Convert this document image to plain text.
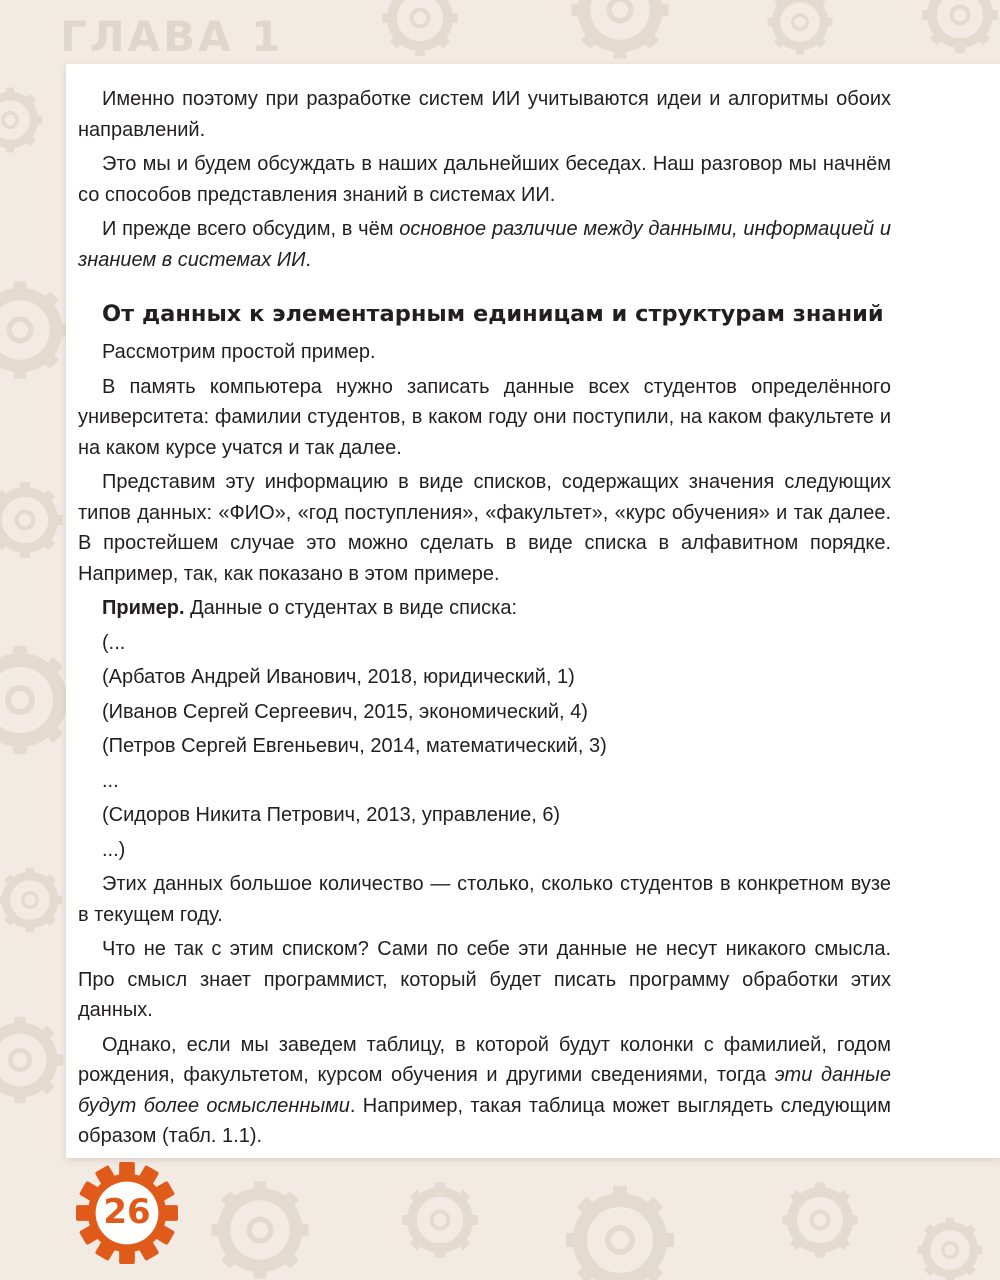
ГЛАВА 1

Именно поэтому при разработке систем ИИ учитываются идеи и алгоритмы обоих направлений.

Это мы и будем обсуждать в наших дальнейших беседах. Наш разговор мы начнём со способов представления знаний в системах ИИ.

И прежде всего обсудим, в чём основное различие между данными, информацией и знанием в системах ИИ.

От данных к элементарным единицам и структурам знаний

Рассмотрим простой пример.

В память компьютера нужно записать данные всех студентов определённого университета: фамилии студентов, в каком году они поступили, на каком факультете и на каком курсе учатся и так далее.

Представим эту информацию в виде списков, содержащих значения следующих типов данных: «ФИО», «год поступления», «факультет», «курс обучения» и так далее. В простейшем случае это можно сделать в виде списка в алфавитном порядке. Например, так, как показано в этом примере.

Пример. Данные о студентах в виде списка:

(...

(Арбатов Андрей Иванович, 2018, юридический, 1)

(Иванов Сергей Сергеевич, 2015, экономический, 4)

(Петров Сергей Евгеньевич, 2014, математический, 3)

...

(Сидоров Никита Петрович, 2013, управление, 6)

...)

Этих данных большое количество — столько, сколько студентов в конкретном вузе в текущем году.

Что не так с этим списком? Сами по себе эти данные не несут никакого смысла. Про смысл знает программист, который будет писать программу обработки этих данных.

Однако, если мы заведем таблицу, в которой будут колонки с фамилией, годом рождения, факультетом, курсом обучения и другими сведениями, тогда эти данные будут более осмысленными. Например, такая таблица может выглядеть следующим образом (табл. 1.1).

26
